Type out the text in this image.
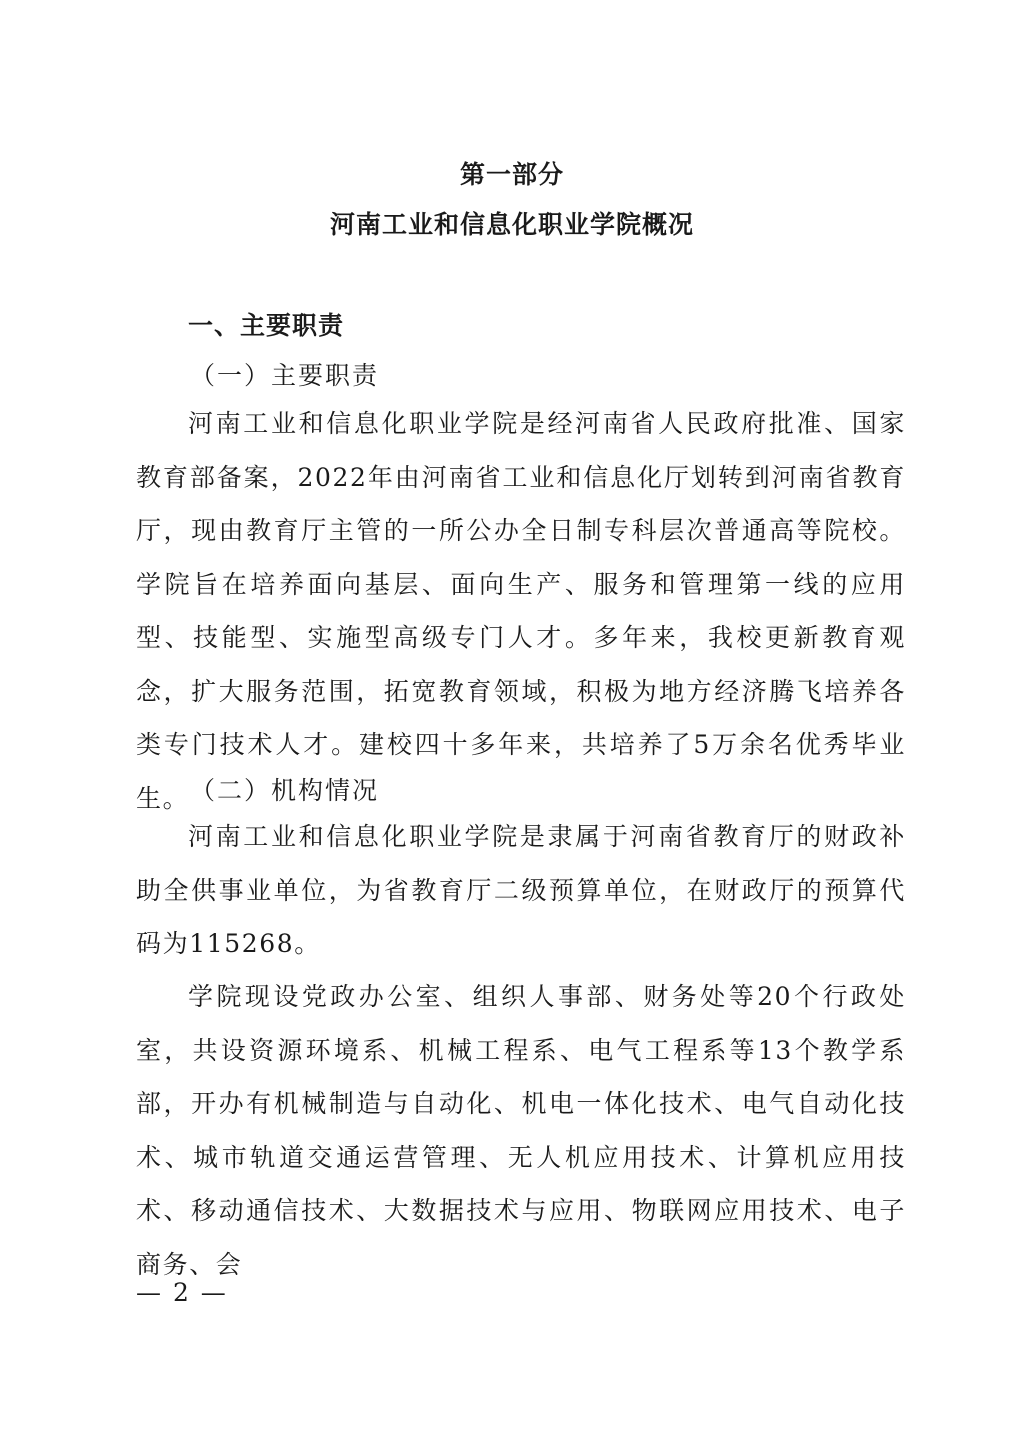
第一部分
河南工业和信息化职业学院概况
一、主要职责
（一）主要职责

河南工业和信息化职业学院是经河南省人民政府批准、国家教育部备案，2022年由河南省工业和信息化厅划转到河南省教育厅，现由教育厅主管的一所公办全日制专科层次普通高等院校。学院旨在培养面向基层、面向生产、服务和管理第一线的应用型、技能型、实施型高级专门人才。多年来，我校更新教育观念，扩大服务范围，拓宽教育领域，积极为地方经济腾飞培养各类专门技术人才。建校四十多年来，共培养了5万余名优秀毕业生。 （二）机构情况

河南工业和信息化职业学院是隶属于河南省教育厅的财政补助全供事业单位，为省教育厅二级预算单位，在财政厅的预算代码为115268。

学院现设党政办公室、组织人事部、财务处等20个行政处室，共设资源环境系、机械工程系、电气工程系等13个教学系部，开办有机械制造与自动化、机电一体化技术、电气自动化技术、城市轨道交通运营管理、无人机应用技术、计算机应用技术、移动通信技术、大数据技术与应用、物联网应用技术、电子商务、会

— 2 —
